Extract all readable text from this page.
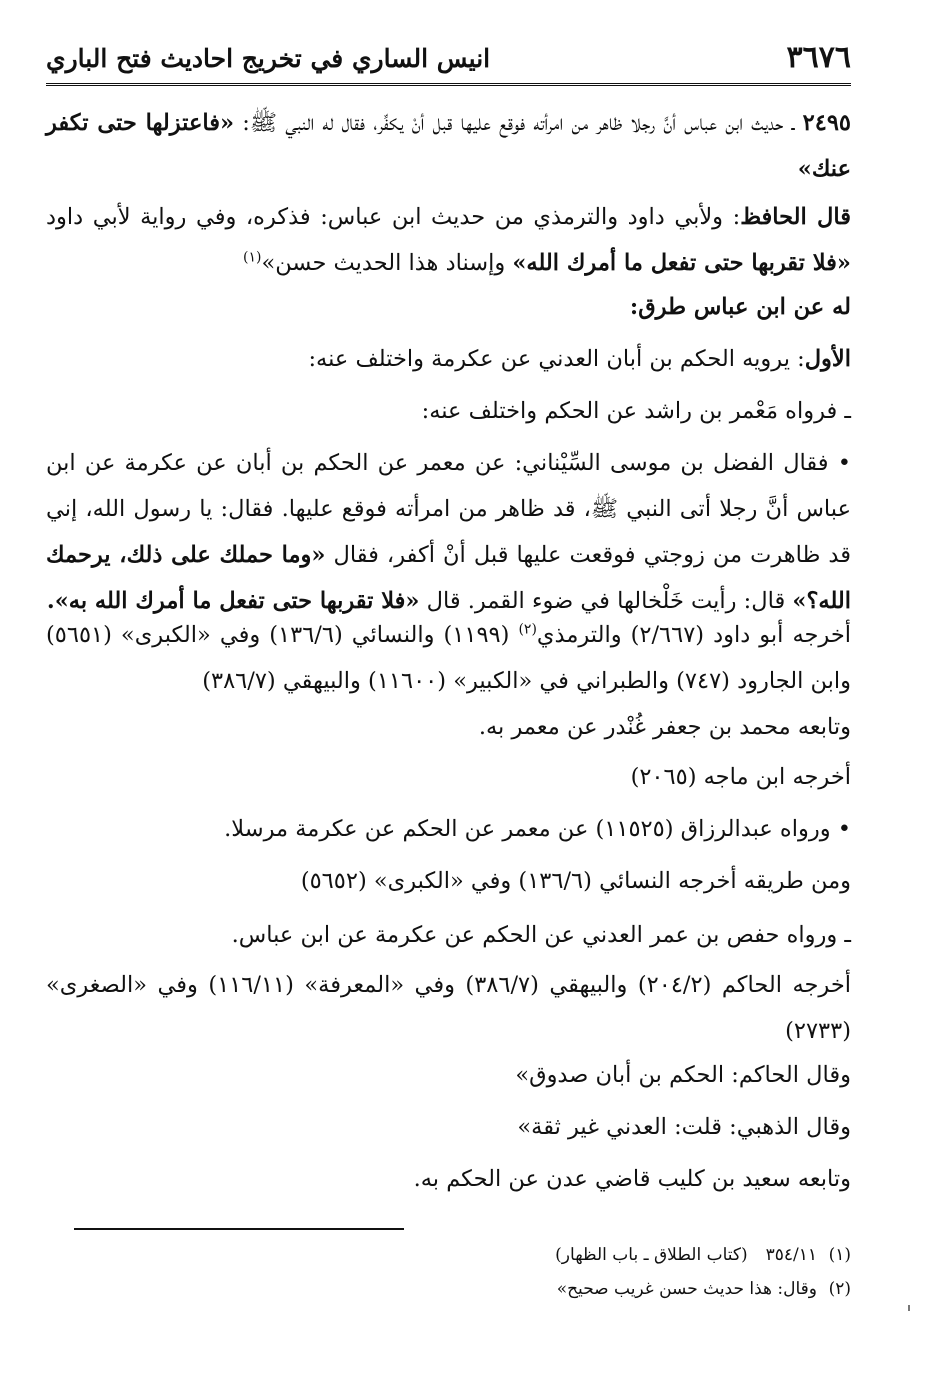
٣٦٧٦
انيس الساري في تخريج احاديث فتح الباري
٢٤٩٥ ـ حديث ابن عباس أنَّ رجلا ظاهر من امرأته فوقع عليها قبل أنْ يكفِّر، فقال له النبي ﷺ: «فاعتزلها حتى تكفر عنك»
قال الحافظ: ولأبي داود والترمذي من حديث ابن عباس: فذكره، وفي رواية لأبي داود «فلا تقربها حتى تفعل ما أمرك الله» وإسناد هذا الحديث حسن»$^{(١)}$
له عن ابن عباس طرق:
الأول: يرويه الحكم بن أبان العدني عن عكرمة واختلف عنه:
ـ فرواه مَعْمر بن راشد عن الحكم واختلف عنه:
• فقال الفضل بن موسى السِّيْناني: عن معمر عن الحكم بن أبان عن عكرمة عن ابن عباس أنَّ رجلا أتى النبي ﷺ، قد ظاهر من امرأته فوقع عليها. فقال: يا رسول الله، إني قد ظاهرت من زوجتي فوقعت عليها قبل أنْ أكفر، فقال «وما حملك على ذلك، يرحمك الله؟» قال: رأيت خَلْخالها في ضوء القمر. قال «فلا تقربها حتى تفعل ما أمرك الله به».
أخرجه أبو داود (٢/٦٦٧) والترمذي$^{(٢)}$ (١١٩٩) والنسائي (١٣٦/٦) وفي «الكبرى» (٥٦٥١) وابن الجارود (٧٤٧) والطبراني في «الكبير» (١١٦٠٠) والبيهقي (٣٨٦/٧)
وتابعه محمد بن جعفر غُنْدر عن معمر به.
أخرجه ابن ماجه (٢٠٦٥)
• ورواه عبدالرزاق (١١٥٢٥) عن معمر عن الحكم عن عكرمة مرسلا.
ومن طريقه أخرجه النسائي (١٣٦/٦) وفي «الكبرى» (٥٦٥٢)
ـ ورواه حفص بن عمر العدني عن الحكم عن عكرمة عن ابن عباس.
أخرجه الحاكم (٢٠٤/٢) والبيهقي (٣٨٦/٧) وفي «المعرفة» (١١٦/١١) وفي «الصغرى» (٢٧٣٣)
وقال الحاكم: الحكم بن أبان صدوق»
وقال الذهبي: قلت: العدني غير ثقة»
وتابعه سعيد بن كليب قاضي عدن عن الحكم به.
(١)٣٥٤/١١(كتاب الطلاق ـ باب الظهار)
(٢)وقال: هذا حديث حسن غريب صحيح»
